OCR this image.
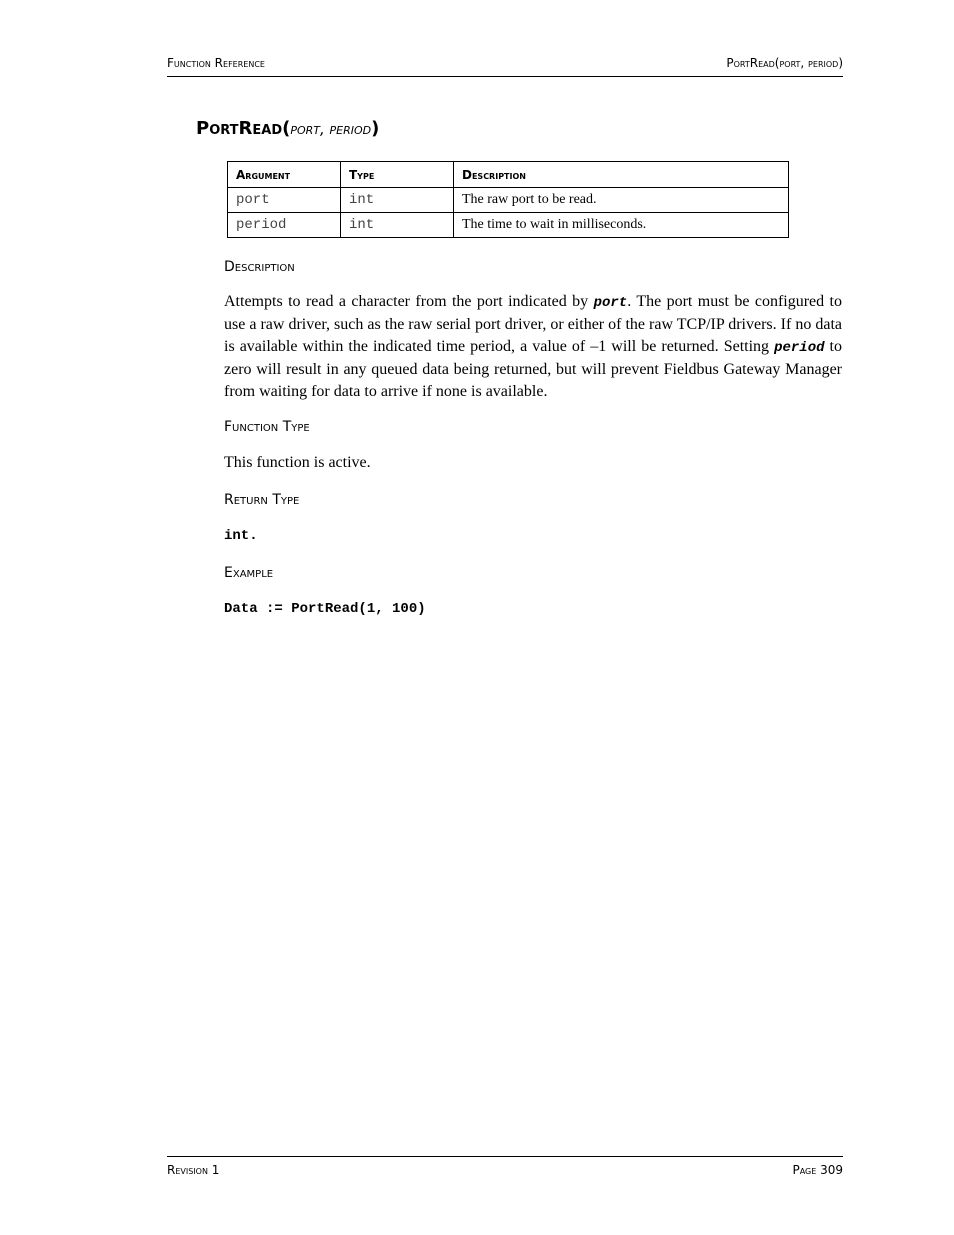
Function Reference	PortRead(port, period)
PortRead(port, period)
Argument	Type	Description
port	int	The raw port to be read.
period	int	The time to wait in milliseconds.
Description
Attempts to read a character from the port indicated by port. The port must be configured to use a raw driver, such as the raw serial port driver, or either of the raw TCP/IP drivers. If no data is available within the indicated time period, a value of –1 will be returned. Setting period to zero will result in any queued data being returned, but will prevent Fieldbus Gateway Manager from waiting for data to arrive if none is available.
Function Type
This function is active.
Return Type
int.
Example
Data := PortRead(1, 100)
Revision 1	Page 309
